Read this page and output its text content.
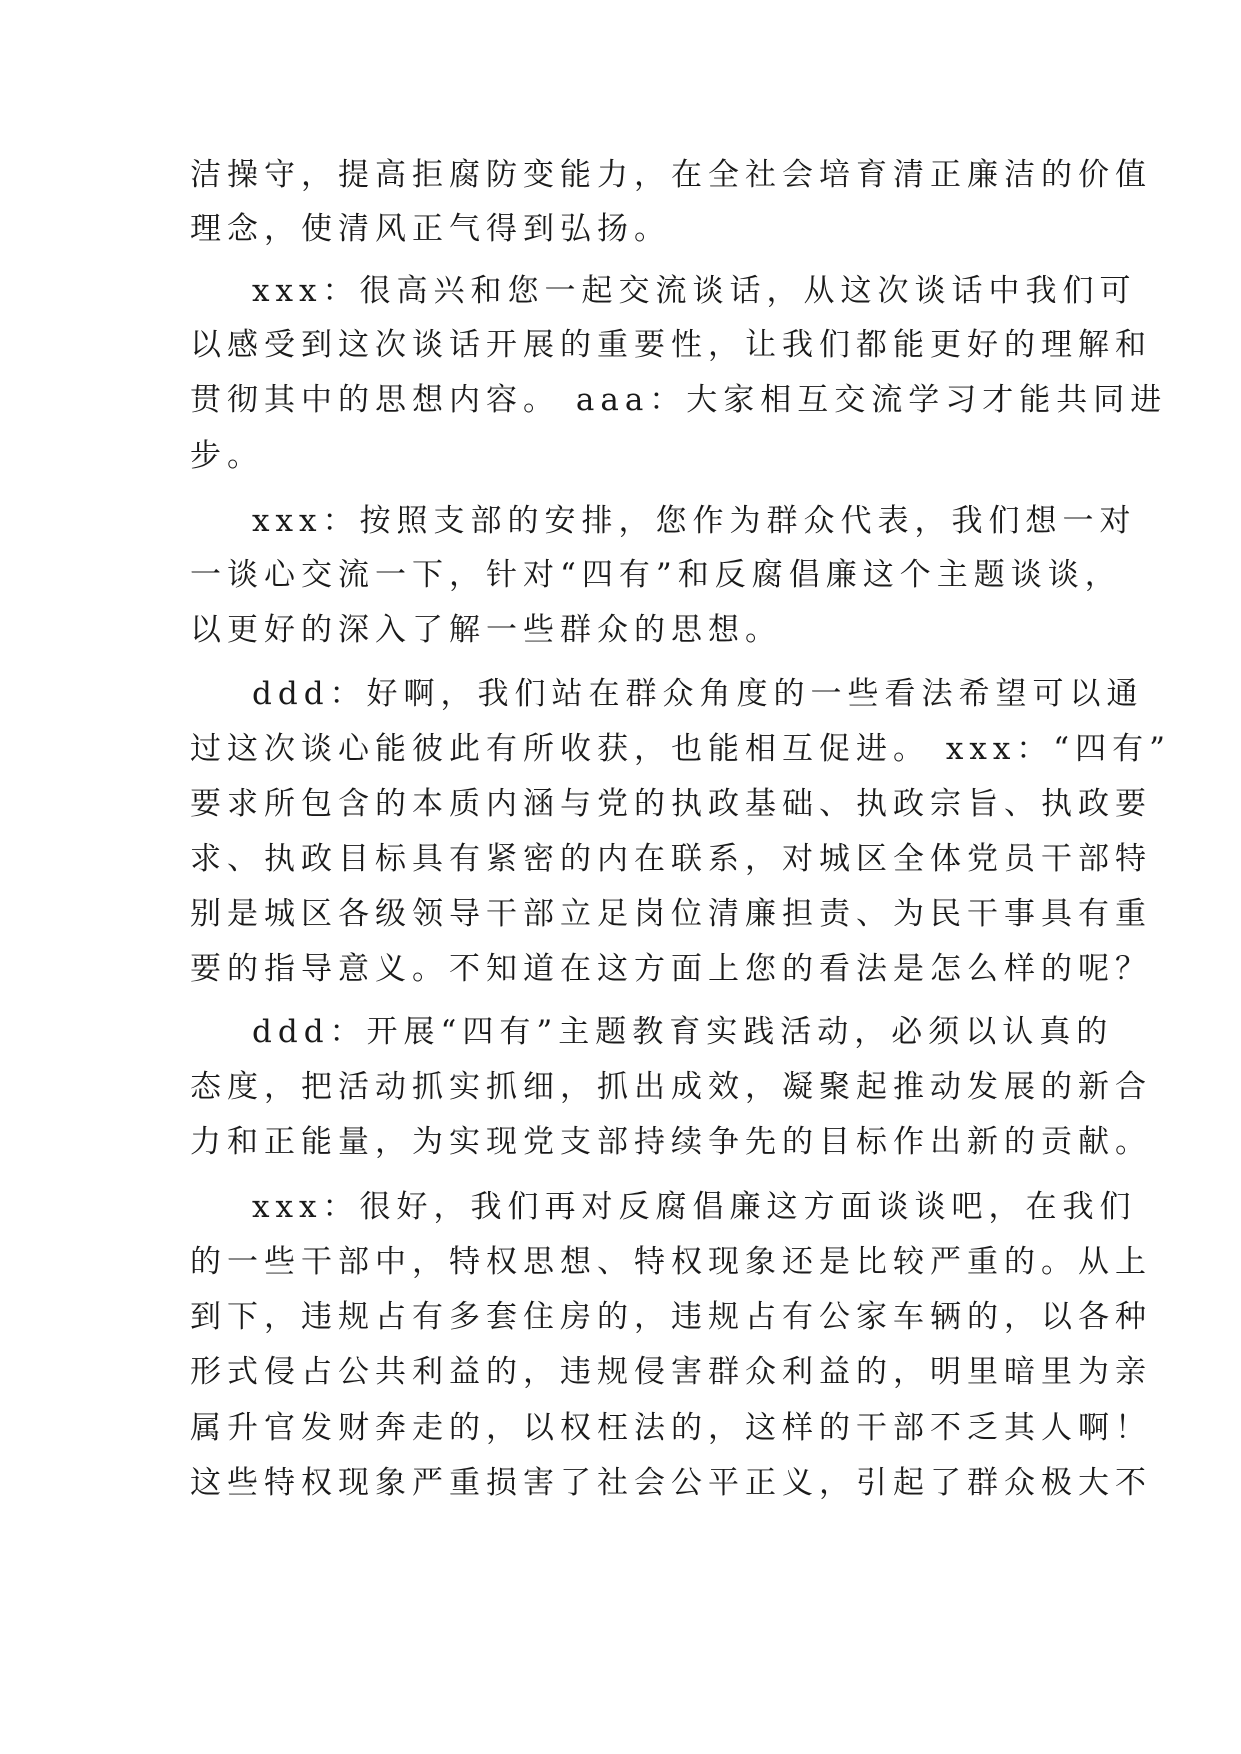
洁操守，提高拒腐防变能力，在全社会培育清正廉洁的价值
理念，使清风正气得到弘扬。
xxx：很高兴和您一起交流谈话，从这次谈话中我们可
以感受到这次谈话开展的重要性，让我们都能更好的理解和
贯彻其中的思想内容。 aaa：大家相互交流学习才能共同进
步。
xxx：按照支部的安排，您作为群众代表，我们想一对
一谈心交流一下，针对“四有”和反腐倡廉这个主题谈谈，
以更好的深入了解一些群众的思想。
ddd：好啊，我们站在群众角度的一些看法希望可以通
过这次谈心能彼此有所收获，也能相互促进。 xxx：“四有”
要求所包含的本质内涵与党的执政基础、执政宗旨、执政要
求、执政目标具有紧密的内在联系，对城区全体党员干部特
别是城区各级领导干部立足岗位清廉担责、为民干事具有重
要的指导意义。不知道在这方面上您的看法是怎么样的呢？
ddd：开展“四有”主题教育实践活动，必须以认真的
态度，把活动抓实抓细，抓出成效，凝聚起推动发展的新合
力和正能量，为实现党支部持续争先的目标作出新的贡献。
xxx：很好，我们再对反腐倡廉这方面谈谈吧，在我们
的一些干部中，特权思想、特权现象还是比较严重的。从上
到下，违规占有多套住房的，违规占有公家车辆的，以各种
形式侵占公共利益的，违规侵害群众利益的，明里暗里为亲
属升官发财奔走的，以权枉法的，这样的干部不乏其人啊！
这些特权现象严重损害了社会公平正义，引起了群众极大不
